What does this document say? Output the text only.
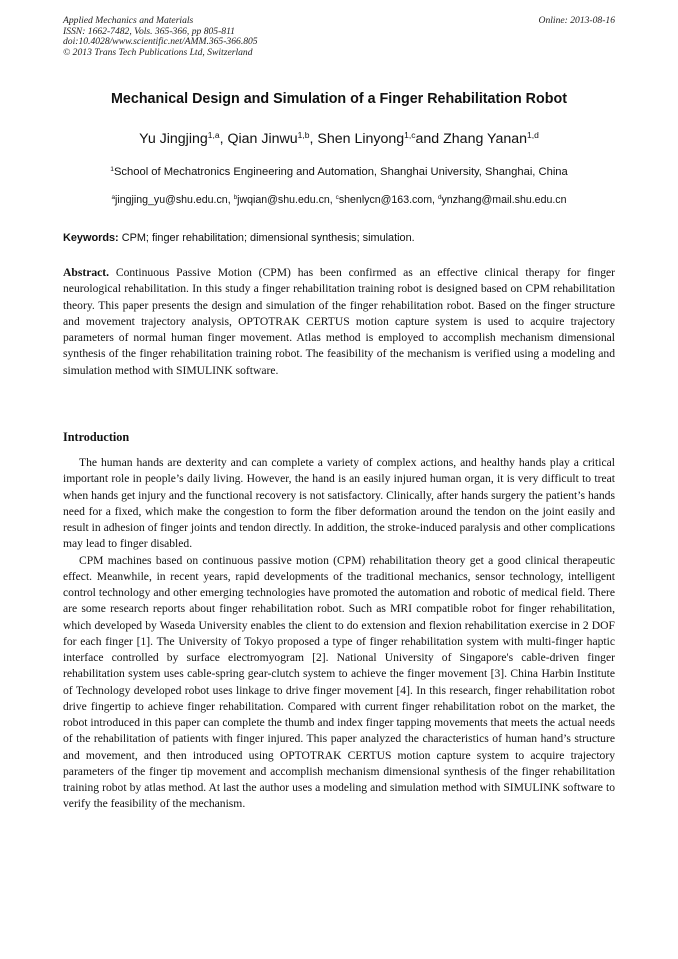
Applied Mechanics and Materials
ISSN: 1662-7482, Vols. 365-366, pp 805-811
doi:10.4028/www.scientific.net/AMM.365-366.805
© 2013 Trans Tech Publications Ltd, Switzerland
Online: 2013-08-16
Mechanical Design and Simulation of a Finger Rehabilitation Robot
Yu Jingjing$^{1,a}$, Qian Jinwu$^{1,b}$, Shen Linyong$^{1,c}$and Zhang Yanan$^{1,d}$
$^1$School of Mechatronics Engineering and Automation, Shanghai University, Shanghai, China
$^a$jingjing_yu@shu.edu.cn, $^b$jwqian@shu.edu.cn, $^c$shenlycn@163.com, $^d$ynzhang@mail.shu.edu.cn
Keywords: CPM; finger rehabilitation; dimensional synthesis; simulation.
Abstract. Continuous Passive Motion (CPM) has been confirmed as an effective clinical therapy for finger neurological rehabilitation. In this study a finger rehabilitation training robot is designed based on CPM rehabilitation theory. This paper presents the design and simulation of the finger rehabilitation robot. Based on the finger structure and movement trajectory analysis, OPTOTRAK CERTUS motion capture system is used to acquire trajectory parameters of normal human finger movement. Atlas method is employed to accomplish mechanism dimensional synthesis of the finger rehabilitation training robot. The feasibility of the mechanism is verified using a modeling and simulation method with SIMULINK software.
Introduction

The human hands are dexterity and can complete a variety of complex actions, and healthy hands play a critical important role in people’s daily living. However, the hand is an easily injured human organ, it is very difficult to treat when hands get injury and the functional recovery is not satisfactory. Clinically, after hands surgery the patient’s hands need for a fixed, which make the congestion to form the fiber deformation around the tendon on the joint easily and result in adhesion of finger joints and tendon directly. In addition, the stroke-induced paralysis and other complications may lead to finger disabled.

CPM machines based on continuous passive motion (CPM) rehabilitation theory get a good clinical therapeutic effect. Meanwhile, in recent years, rapid developments of the traditional mechanics, sensor technology, intelligent control technology and other emerging technologies have promoted the automation and robotic of medical field. There are some research reports about finger rehabilitation robot. Such as MRI compatible robot for finger rehabilitation, which developed by Waseda University enables the client to do extension and flexion rehabilitation exercise in 2 DOF for each finger [1]. The University of Tokyo proposed a type of finger rehabilitation system with multi-finger haptic interface controlled by surface electromyogram [2]. National University of Singapore's cable-driven finger rehabilitation system uses cable-spring gear-clutch system to achieve the finger movement [3]. China Harbin Institute of Technology developed robot uses linkage to drive finger movement [4]. In this research, finger rehabilitation robot drive fingertip to achieve finger rehabilitation. Compared with current finger rehabilitation robot on the market, the robot introduced in this paper can complete the thumb and index finger tapping movements that meets the actual needs of the rehabilitation of patients with finger injured. This paper analyzed the characteristics of human hand’s structure and movement, and then introduced using OPTOTRAK CERTUS motion capture system to acquire trajectory parameters of the finger tip movement and accomplish mechanism dimensional synthesis of the finger rehabilitation training robot by atlas method. At last the author uses a modeling and simulation method with SIMULINK software to verify the feasibility of the mechanism.
